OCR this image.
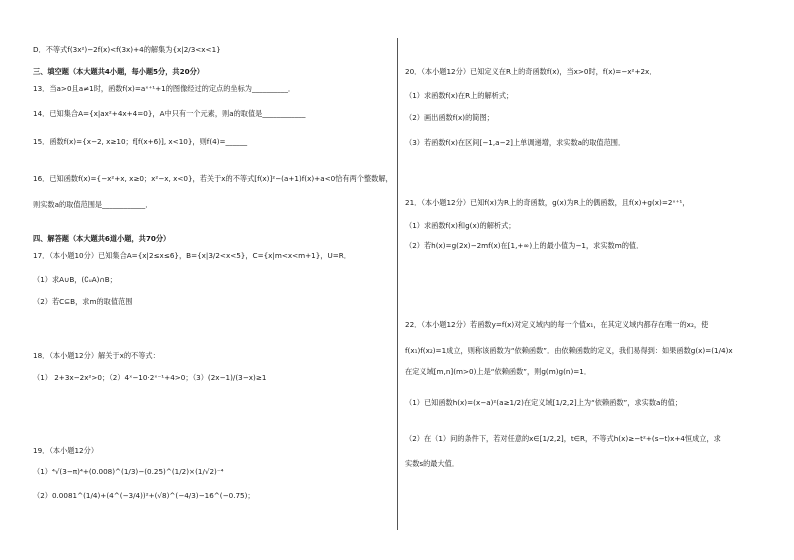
D．不等式f(3x²)−2f(x)<f(3x)+4的解集为{x|2/3<x<1}
三、填空题（本大题共4小题，每小题5分，共20分）
13．当a>0且a≠1时，函数f(x)=aˣ⁺¹+1的图像经过的定点的坐标为__________．
14．已知集合A={x|ax²+4x+4=0}，A中只有一个元素，则a的取值是____________
15．函数f(x)={x−2, x≥10；f[f(x+6)], x<10}，则f(4)=______
16．已知函数f(x)={−x²+x, x≥0；x²−x, x<0}，若关于x的不等式[f(x)]²−(a+1)f(x)+a<0恰有两个整数解，
则实数a的取值范围是____________．
四、解答题（本大题共6道小题，共70分）
17．（本小题10分）已知集合A={x|2≤x≤6}，B={x|3/2<x<5}，C={x|m<x<m+1}，U=R．
（1）求A∪B，(∁ᵤA)∩B；
（2）若C⊆B，求m的取值范围
18．（本小题12分）解关于x的不等式：
（1） 2+3x−2x²>0；（2）4ˣ−10·2ˣ⁻¹+4>0；（3）(2x−1)/(3−x)≥1
19．（本小题12分）
（1）⁴√(3−π)⁴+(0.008)^(1/3)−(0.25)^(1/2)×(1/√2)⁻⁴
（2）0.0081^(1/4)+(4^(−3/4))²+(√8)^(−4/3)−16^(−0.75)；
20．（本小题12分）已知定义在R上的奇函数f(x)，当x>0时，f(x)=−x²+2x．
（1）求函数f(x)在R上的解析式；
（2）画出函数f(x)的简图；
（3）若函数f(x)在区间[−1,a−2]上单调递增，求实数a的取值范围．
21．（本小题12分）已知f(x)为R上的奇函数，g(x)为R上的偶函数，且f(x)+g(x)=2ˣ⁺¹，
（1）求函数f(x)和g(x)的解析式；
（2）若h(x)=g(2x)−2mf(x)在[1,+∞)上的最小值为−1，求实数m的值．
22．（本小题12分）若函数y=f(x)对定义域内的每一个值x₁，在其定义域内都存在唯一的x₂，使
f(x₁)f(x₂)=1成立，则称该函数为“依赖函数”．由依赖函数的定义，我们易得到：如果函数g(x)=(1/4)x
在定义域[m,n](m>0)上是“依赖函数”，则g(m)g(n)=1．
（1）已知函数h(x)=(x−a)²(a≥1/2)在定义域[1/2,2]上为“依赖函数”，求实数a的值；
（2）在（1）问的条件下，若对任意的x∈[1/2,2]，t∈R，不等式h(x)≥−t²+(s−t)x+4恒成立，求
实数s的最大值．
